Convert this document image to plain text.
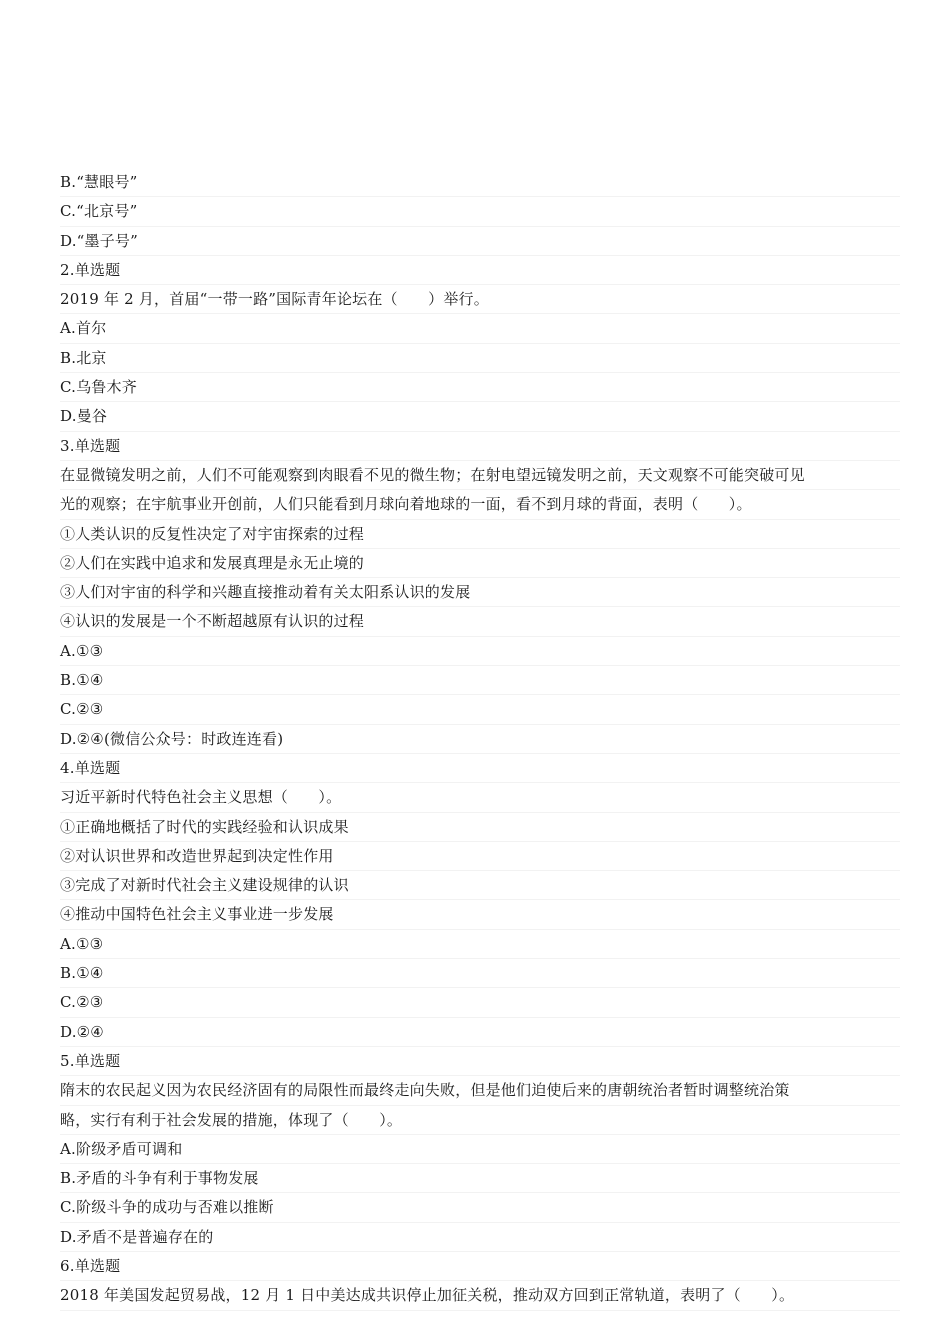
B.“慧眼号”
C.“北京号”
D.“墨子号”
2.单选题
2019 年 2 月，首届“一带一路”国际青年论坛在（　　）举行。
A.首尔
B.北京
C.乌鲁木齐
D.曼谷
3.单选题
在显微镜发明之前，人们不可能观察到肉眼看不见的微生物；在射电望远镜发明之前，天文观察不可能突破可见
光的观察；在宇航事业开创前，人们只能看到月球向着地球的一面，看不到月球的背面，表明（　　）。
①人类认识的反复性决定了对宇宙探索的过程
②人们在实践中追求和发展真理是永无止境的
③人们对宇宙的科学和兴趣直接推动着有关太阳系认识的发展
④认识的发展是一个不断超越原有认识的过程
A.①③
B.①④
C.②③
D.②④(微信公众号：时政连连看)
4.单选题
习近平新时代特色社会主义思想（　　）。
①正确地概括了时代的实践经验和认识成果
②对认识世界和改造世界起到决定性作用
③完成了对新时代社会主义建设规律的认识
④推动中国特色社会主义事业进一步发展
A.①③
B.①④
C.②③
D.②④
5.单选题
隋末的农民起义因为农民经济固有的局限性而最终走向失败，但是他们迫使后来的唐朝统治者暂时调整统治策
略，实行有利于社会发展的措施，体现了（　　）。
A.阶级矛盾可调和
B.矛盾的斗争有利于事物发展
C.阶级斗争的成功与否难以推断
D.矛盾不是普遍存在的
6.单选题
2018 年美国发起贸易战，12 月 1 日中美达成共识停止加征关税，推动双方回到正常轨道，表明了（　　）。
